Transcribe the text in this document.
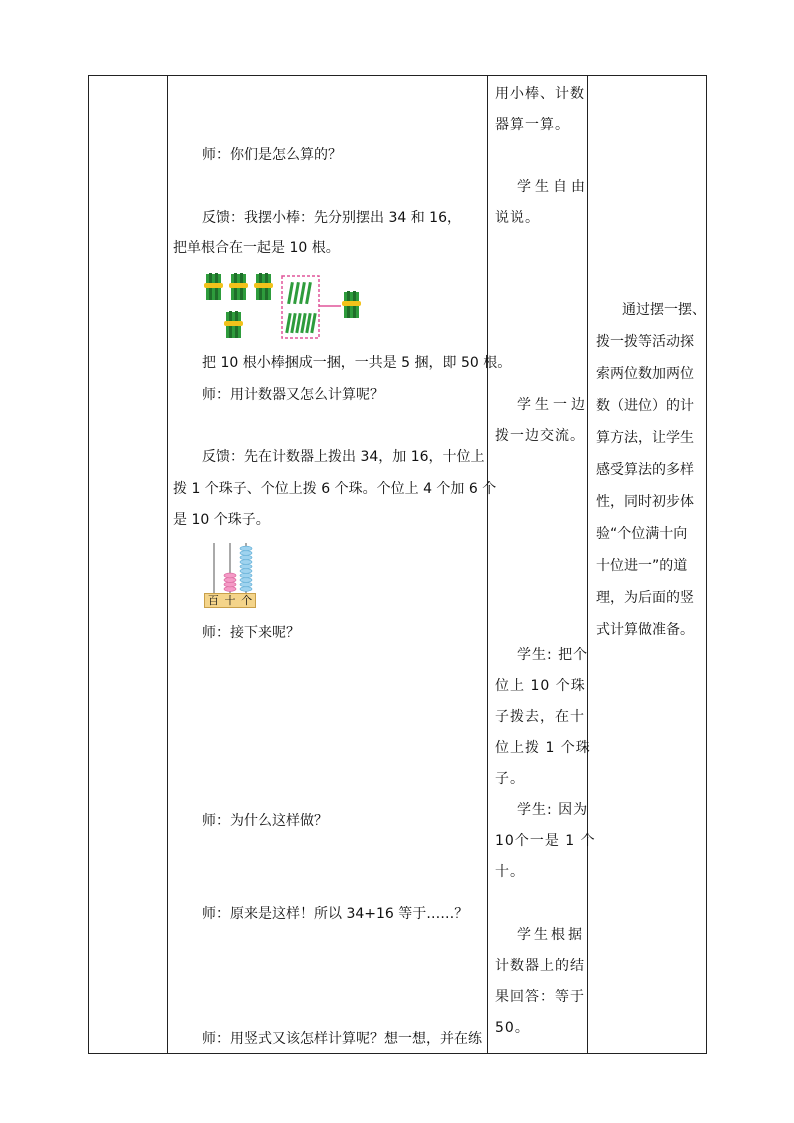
师：你们是怎么算的？
反馈：我摆小棒：先分别摆出 34 和 16，
把单根合在一起是 10 根。
把 10 根小棒捆成一捆，一共是 5 捆，即 50 根。
师：用计数器又怎么计算呢？
反馈：先在计数器上拨出 34，加 16，十位上
拨 1 个珠子、个位上拨 6 个珠。个位上 4 个加 6 个
是 10 个珠子。
百 十 个
师：接下来呢？
师：为什么这样做？
师：原来是这样！所以 34+16 等于……？
师：用竖式又该怎样计算呢？想一想，并在练
用小棒、计数
器算一算。
学生自由
说说。
学生一边
拨一边交流。
学生: 把个
位上 10 个珠
子拨去，在十
位上拨 1 个珠
子。
学生: 因为
10个一是 1 个
十。
学生根据
计数器上的结
果回答：等于
50。
通过摆一摆、
拨一拨等活动探
索两位数加两位
数（进位）的计
算方法，让学生
感受算法的多样
性，同时初步体
验“个位满十向
十位进一”的道
理，为后面的竖
式计算做准备。
